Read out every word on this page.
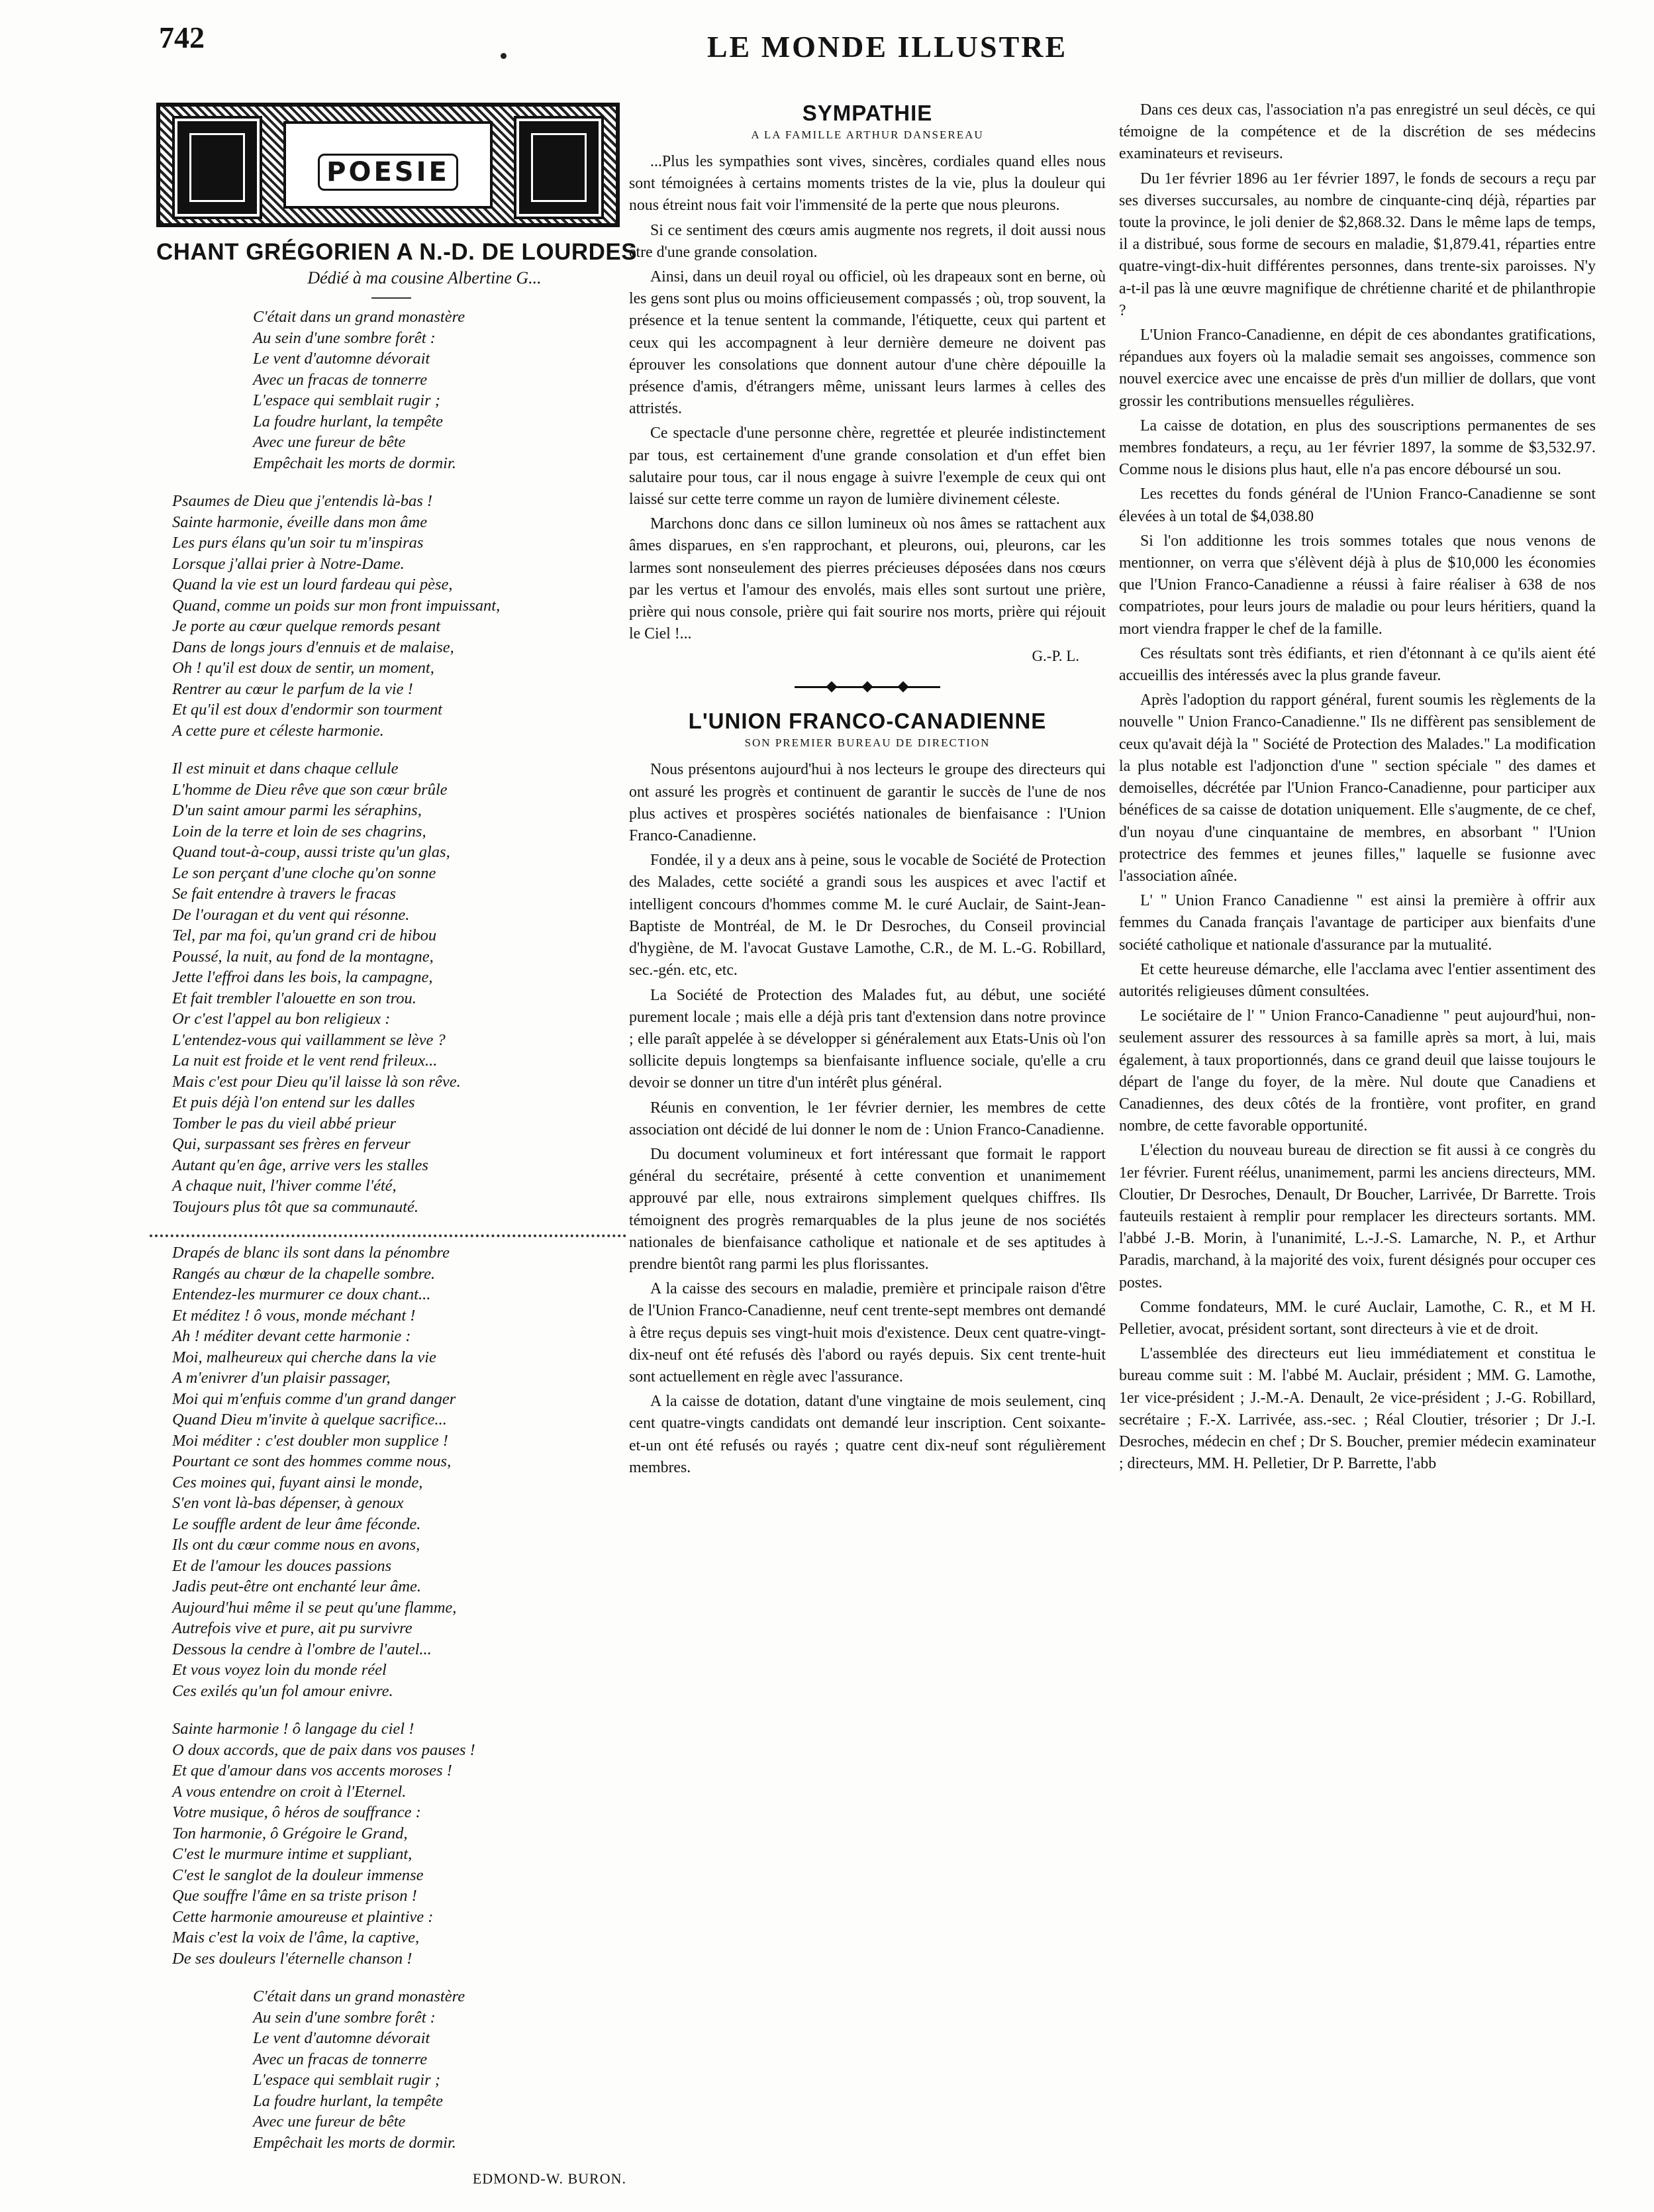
742	LE MONDE ILLUSTRE
POESIE
CHANT GRÉGORIEN A N.-D. DE LOURDES
Dédié à ma cousine Albertine G...
C'était dans un grand monastère
Au sein d'une sombre forêt :
Le vent d'automne dévorait
Avec un fracas de tonnerre
L'espace qui semblait rugir ;
La foudre hurlant, la tempête
Avec une fureur de bête
Empêchait les morts de dormir.
Psaumes de Dieu que j'entendis là-bas !
Sainte harmonie, éveille dans mon âme
Les purs élans qu'un soir tu m'inspiras
Lorsque j'allai prier à Notre-Dame.
Quand la vie est un lourd fardeau qui pèse,
Quand, comme un poids sur mon front impuissant,
Je porte au cœur quelque remords pesant
Dans de longs jours d'ennuis et de malaise,
Oh ! qu'il est doux de sentir, un moment,
Rentrer au cœur le parfum de la vie !
Et qu'il est doux d'endormir son tourment
A cette pure et céleste harmonie.
Il est minuit et dans chaque cellule
L'homme de Dieu rêve que son cœur brûle
D'un saint amour parmi les séraphins,
Loin de la terre et loin de ses chagrins,
Quand tout-à-coup, aussi triste qu'un glas,
Le son perçant d'une cloche qu'on sonne
Se fait entendre à travers le fracas
De l'ouragan et du vent qui résonne.
Tel, par ma foi, qu'un grand cri de hibou
Poussé, la nuit, au fond de la montagne,
Jette l'effroi dans les bois, la campagne,
Et fait trembler l'alouette en son trou.
Or c'est l'appel au bon religieux :
L'entendez-vous qui vaillamment se lève ?
La nuit est froide et le vent rend frileux...
Mais c'est pour Dieu qu'il laisse là son rêve.
Et puis déjà l'on entend sur les dalles
Tomber le pas du vieil abbé prieur
Qui, surpassant ses frères en ferveur
Autant qu'en âge, arrive vers les stalles
A chaque nuit, l'hiver comme l'été,
Toujours plus tôt que sa communauté.
Drapés de blanc ils sont dans la pénombre
Rangés au chœur de la chapelle sombre.
Entendez-les murmurer ce doux chant...
Et méditez ! ô vous, monde méchant !
Ah ! méditer devant cette harmonie :
Moi, malheureux qui cherche dans la vie
A m'enivrer d'un plaisir passager,
Moi qui m'enfuis comme d'un grand danger
Quand Dieu m'invite à quelque sacrifice...
Moi méditer : c'est doubler mon supplice !
Pourtant ce sont des hommes comme nous,
Ces moines qui, fuyant ainsi le monde,
S'en vont là-bas dépenser, à genoux
Le souffle ardent de leur âme féconde.
Ils ont du cœur comme nous en avons,
Et de l'amour les douces passions
Jadis peut-être ont enchanté leur âme.
Aujourd'hui même il se peut qu'une flamme,
Autrefois vive et pure, ait pu survivre
Dessous la cendre à l'ombre de l'autel...
Et vous voyez loin du monde réel
Ces exilés qu'un fol amour enivre.
Sainte harmonie ! ô langage du ciel !
O doux accords, que de paix dans vos pauses !
Et que d'amour dans vos accents moroses !
A vous entendre on croit à l'Eternel.
Votre musique, ô héros de souffrance :
Ton harmonie, ô Grégoire le Grand,
C'est le murmure intime et suppliant,
C'est le sanglot de la douleur immense
Que souffre l'âme en sa triste prison !
Cette harmonie amoureuse et plaintive :
Mais c'est la voix de l'âme, la captive,
De ses douleurs l'éternelle chanson !
C'était dans un grand monastère
Au sein d'une sombre forêt :
Le vent d'automne dévorait
Avec un fracas de tonnerre
L'espace qui semblait rugir ;
La foudre hurlant, la tempête
Avec une fureur de bête
Empêchait les morts de dormir.
EDMOND-W. BURON.
SYMPATHIE
A LA FAMILLE ARTHUR DANSEREAU

...Plus les sympathies sont vives, sincères, cordiales quand elles nous sont témoignées à certains moments tristes de la vie, plus la douleur qui nous étreint nous fait voir l'immensité de la perte que nous pleurons.

Si ce sentiment des cœurs amis augmente nos regrets, il doit aussi nous être d'une grande consolation.

Ainsi, dans un deuil royal ou officiel, où les drapeaux sont en berne, où les gens sont plus ou moins officieusement compassés ; où, trop souvent, la présence et la tenue sentent la commande, l'étiquette, ceux qui partent et ceux qui les accompagnent à leur dernière demeure ne doivent pas éprouver les consolations que donnent autour d'une chère dépouille la présence d'amis, d'étrangers même, unissant leurs larmes à celles des attristés.

Ce spectacle d'une personne chère, regrettée et pleurée indistinctement par tous, est certainement d'une grande consolation et d'un effet bien salutaire pour tous, car il nous engage à suivre l'exemple de ceux qui ont laissé sur cette terre comme un rayon de lumière divinement céleste.

Marchons donc dans ce sillon lumineux où nos âmes se rattachent aux âmes disparues, en s'en rapprochant, et pleurons, oui, pleurons, car les larmes sont nonseulement des pierres précieuses déposées dans nos cœurs par les vertus et l'amour des envolés, mais elles sont surtout une prière, prière qui nous console, prière qui fait sourire nos morts, prière qui réjouit le Ciel !...

G.-P. L.
L'UNION FRANCO-CANADIENNE
SON PREMIER BUREAU DE DIRECTION

Nous présentons aujourd'hui à nos lecteurs le groupe des directeurs qui ont assuré les progrès et continuent de garantir le succès de l'une de nos plus actives et prospères sociétés nationales de bienfaisance : l'Union Franco-Canadienne.

Fondée, il y a deux ans à peine, sous le vocable de Société de Protection des Malades, cette société a grandi sous les auspices et avec l'actif et intelligent concours d'hommes comme M. le curé Auclair, de Saint-Jean-Baptiste de Montréal, de M. le Dr Desroches, du Conseil provincial d'hygiène, de M. l'avocat Gustave Lamothe, C.R., de M. L.-G. Robillard, sec.-gén. etc, etc.

La Société de Protection des Malades fut, au début, une société purement locale ; mais elle a déjà pris tant d'extension dans notre province ; elle paraît appelée à se développer si généralement aux Etats-Unis où l'on sollicite depuis longtemps sa bienfaisante influence sociale, qu'elle a cru devoir se donner un titre d'un intérêt plus général.

Réunis en convention, le 1er février dernier, les membres de cette association ont décidé de lui donner le nom de : Union Franco-Canadienne.

Du document volumineux et fort intéressant que formait le rapport général du secrétaire, présenté à cette convention et unanimement approuvé par elle, nous extrairons simplement quelques chiffres. Ils témoignent des progrès remarquables de la plus jeune de nos sociétés nationales de bienfaisance catholique et nationale et de ses aptitudes à prendre bientôt rang parmi les plus florissantes.

A la caisse des secours en maladie, première et principale raison d'être de l'Union Franco-Canadienne, neuf cent trente-sept membres ont demandé à être reçus depuis ses vingt-huit mois d'existence. Deux cent quatre-vingt-dix-neuf ont été refusés dès l'abord ou rayés depuis. Six cent trente-huit sont actuellement en règle avec l'assurance.

A la caisse de dotation, datant d'une vingtaine de mois seulement, cinq cent quatre-vingts candidats ont demandé leur inscription. Cent soixante-et-un ont été refusés ou rayés ; quatre cent dix-neuf sont régulièrement membres.

Dans ces deux cas, l'association n'a pas enregistré un seul décès, ce qui témoigne de la compétence et de la discrétion de ses médecins examinateurs et reviseurs.

Du 1er février 1896 au 1er février 1897, le fonds de secours a reçu par ses diverses succursales, au nombre de cinquante-cinq déjà, réparties par toute la province, le joli denier de $2,868.32. Dans le même laps de temps, il a distribué, sous forme de secours en maladie, $1,879.41, réparties entre quatre-vingt-dix-huit différentes personnes, dans trente-six paroisses. N'y a-t-il pas là une œuvre magnifique de chrétienne charité et de philanthropie ?

L'Union Franco-Canadienne, en dépit de ces abondantes gratifications, répandues aux foyers où la maladie semait ses angoisses, commence son nouvel exercice avec une encaisse de près d'un millier de dollars, que vont grossir les contributions mensuelles régulières.

La caisse de dotation, en plus des souscriptions permanentes de ses membres fondateurs, a reçu, au 1er février 1897, la somme de $3,532.97. Comme nous le disions plus haut, elle n'a pas encore déboursé un sou.

Les recettes du fonds général de l'Union Franco-Canadienne se sont élevées à un total de $4,038.80

Si l'on additionne les trois sommes totales que nous venons de mentionner, on verra que s'élèvent déjà à plus de $10,000 les économies que l'Union Franco-Canadienne a réussi à faire réaliser à 638 de nos compatriotes, pour leurs jours de maladie ou pour leurs héritiers, quand la mort viendra frapper le chef de la famille.

Ces résultats sont très édifiants, et rien d'étonnant à ce qu'ils aient été accueillis des intéressés avec la plus grande faveur.

Après l'adoption du rapport général, furent soumis les règlements de la nouvelle " Union Franco-Canadienne." Ils ne diffèrent pas sensiblement de ceux qu'avait déjà la " Société de Protection des Malades." La modification la plus notable est l'adjonction d'une " section spéciale " des dames et demoiselles, décrétée par l'Union Franco-Canadienne, pour participer aux bénéfices de sa caisse de dotation uniquement. Elle s'augmente, de ce chef, d'un noyau d'une cinquantaine de membres, en absorbant " l'Union protectrice des femmes et jeunes filles," laquelle se fusionne avec l'association aînée.

L' " Union Franco Canadienne " est ainsi la première à offrir aux femmes du Canada français l'avantage de participer aux bienfaits d'une société catholique et nationale d'assurance par la mutualité.

Et cette heureuse démarche, elle l'acclama avec l'entier assentiment des autorités religieuses dûment consultées.

Le sociétaire de l' " Union Franco-Canadienne " peut aujourd'hui, non-seulement assurer des ressources à sa famille après sa mort, à lui, mais également, à taux proportionnés, dans ce grand deuil que laisse toujours le départ de l'ange du foyer, de la mère. Nul doute que Canadiens et Canadiennes, des deux côtés de la frontière, vont profiter, en grand nombre, de cette favorable opportunité.

L'élection du nouveau bureau de direction se fit aussi à ce congrès du 1er février. Furent réélus, unanimement, parmi les anciens directeurs, MM. Cloutier, Dr Desroches, Denault, Dr Boucher, Larrivée, Dr Barrette. Trois fauteuils restaient à remplir pour remplacer les directeurs sortants. MM. l'abbé J.-B. Morin, à l'unanimité, L.-J.-S. Lamarche, N. P., et Arthur Paradis, marchand, à la majorité des voix, furent désignés pour occuper ces postes.

Comme fondateurs, MM. le curé Auclair, Lamothe, C. R., et M H. Pelletier, avocat, président sortant, sont directeurs à vie et de droit.

L'assemblée des directeurs eut lieu immédiatement et constitua le bureau comme suit : M. l'abbé M. Auclair, président ; MM. G. Lamothe, 1er vice-président ; J.-M.-A. Denault, 2e vice-président ; J.-G. Robillard, secrétaire ; F.-X. Larrivée, ass.-sec. ; Réal Cloutier, trésorier ; Dr J.-I. Desroches, médecin en chef ; Dr S. Boucher, premier médecin examinateur ; directeurs, MM. H. Pelletier, Dr P. Barrette, l'abb
